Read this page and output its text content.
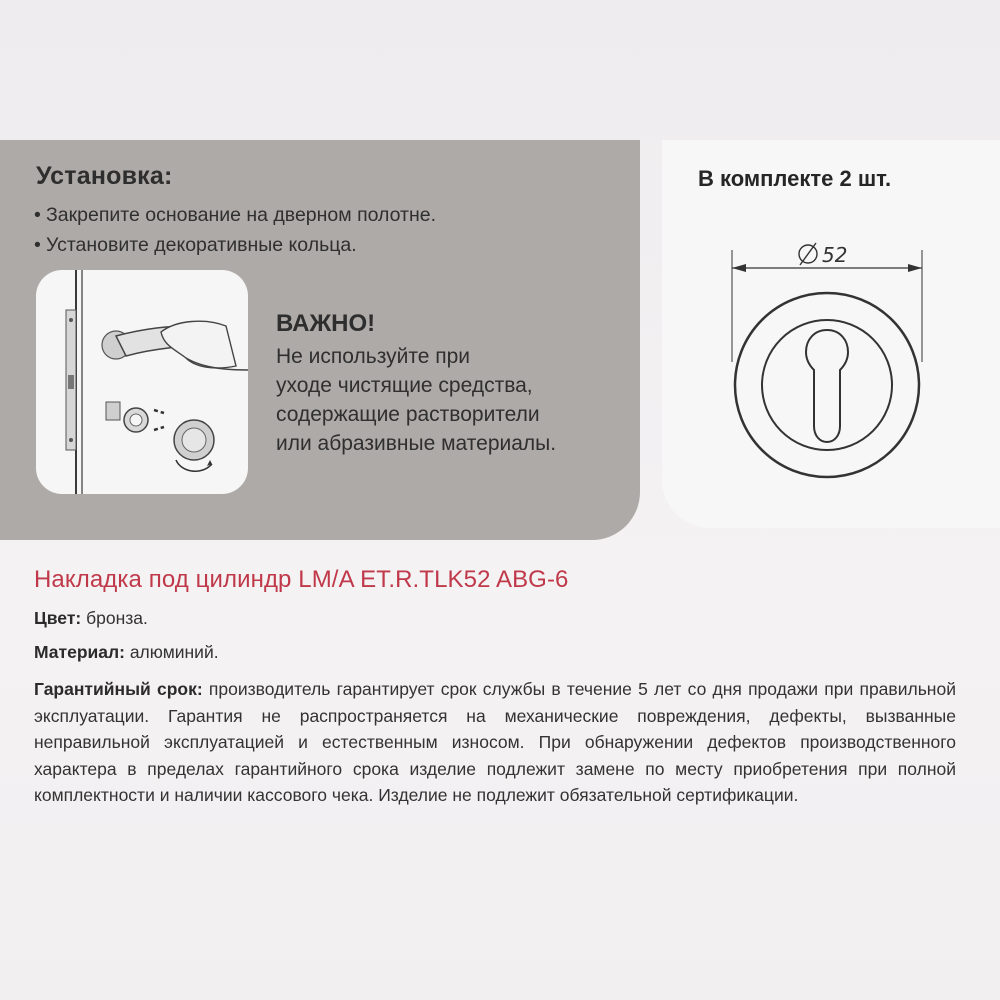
Установка:
• Закрепите основание на дверном полотне.
• Установите декоративные кольца.
ВАЖНО!
Не используйте при
уходе чистящие средства,
содержащие растворители
или абразивные материалы.
В комплекте 2 шт.
52
Накладка под цилиндр LM/A ET.R.TLK52 ABG-6
Цвет: бронза.
Материал: алюминий.
Гарантийный срок: производитель гарантирует срок службы в течение 5 лет со дня продажи при правильной эксплуатации. Гарантия не распространяется на механические повреждения, дефекты, вызванные неправильной эксплуатацией и естественным износом. При обнаружении дефектов производственного характера в пределах гарантийного срока изделие подлежит замене по месту приобретения при полной комплектности и наличии кассового чека. Изделие не подлежит обязательной сертификации.
